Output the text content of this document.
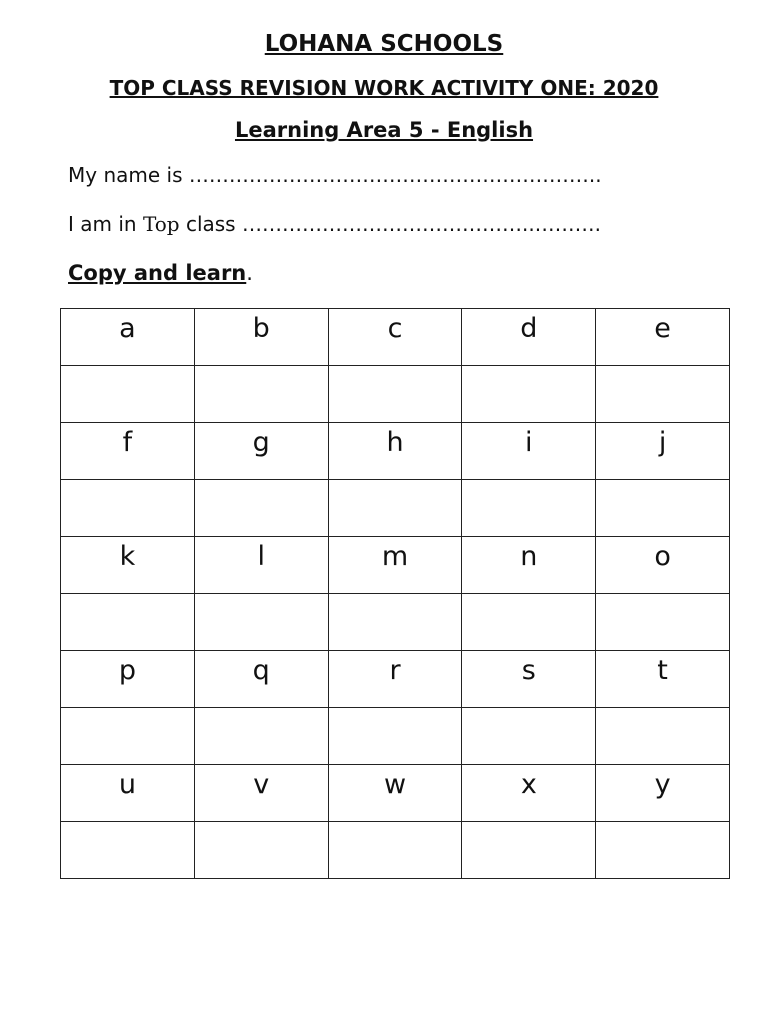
LOHANA SCHOOLS
TOP CLASS REVISION WORK ACTIVITY ONE: 2020
Learning Area 5 - English
My name is ……………………………………………………..
I am in Top class ……………………………………..……….
Copy and learn.
a	b	c	d	e

f	g	h	i	j

k	l	m	n	o

p	q	r	s	t

u	v	w	x	y
